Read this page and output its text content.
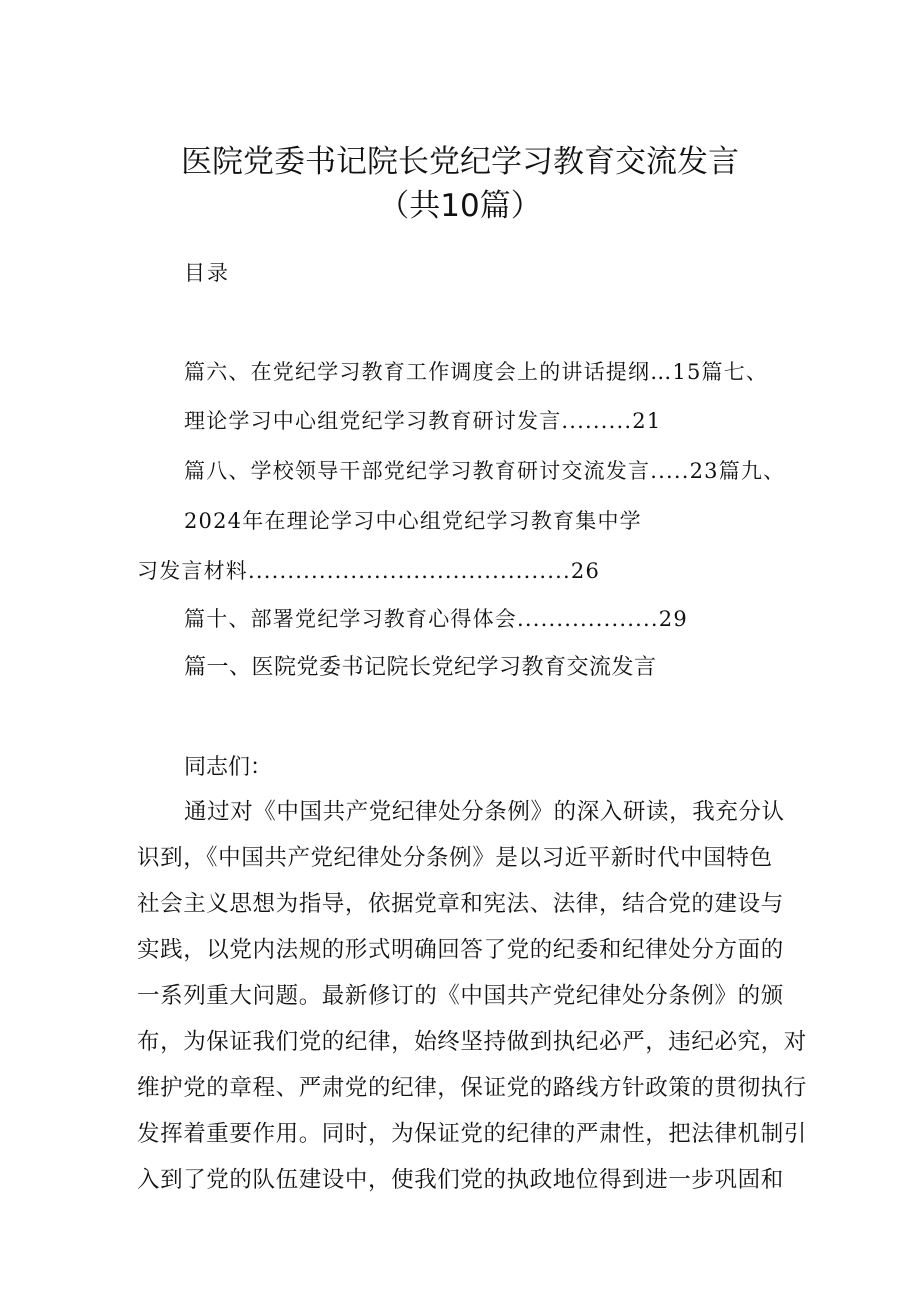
医院党委书记院长党纪学习教育交流发言
（共10篇）
目录
篇六、在党纪学习教育工作调度会上的讲话提纲…15篇七、
理论学习中心组党纪学习教育研讨发言.........21
篇八、学校领导干部党纪学习教育研讨交流发言.....23篇九、
2024年在理论学习中心组党纪学习教育集中学
习发言材料.........................................26
篇十、部署党纪学习教育心得体会..................29
篇一、医院党委书记院长党纪学习教育交流发言
同志们：
通过对《中国共产党纪律处分条例》的深入研读，我充分认
识到，《中国共产党纪律处分条例》是以习近平新时代中国特色
社会主义思想为指导，依据党章和宪法、法律，结合党的建设与
实践，以党内法规的形式明确回答了党的纪委和纪律处分方面的
一系列重大问题。最新修订的《中国共产党纪律处分条例》的颁
布，为保证我们党的纪律，始终坚持做到执纪必严，违纪必究，对
维护党的章程、严肃党的纪律，保证党的路线方针政策的贯彻执行
发挥着重要作用。同时，为保证党的纪律的严肃性，把法律机制引
入到了党的队伍建设中，使我们党的执政地位得到进一步巩固和
